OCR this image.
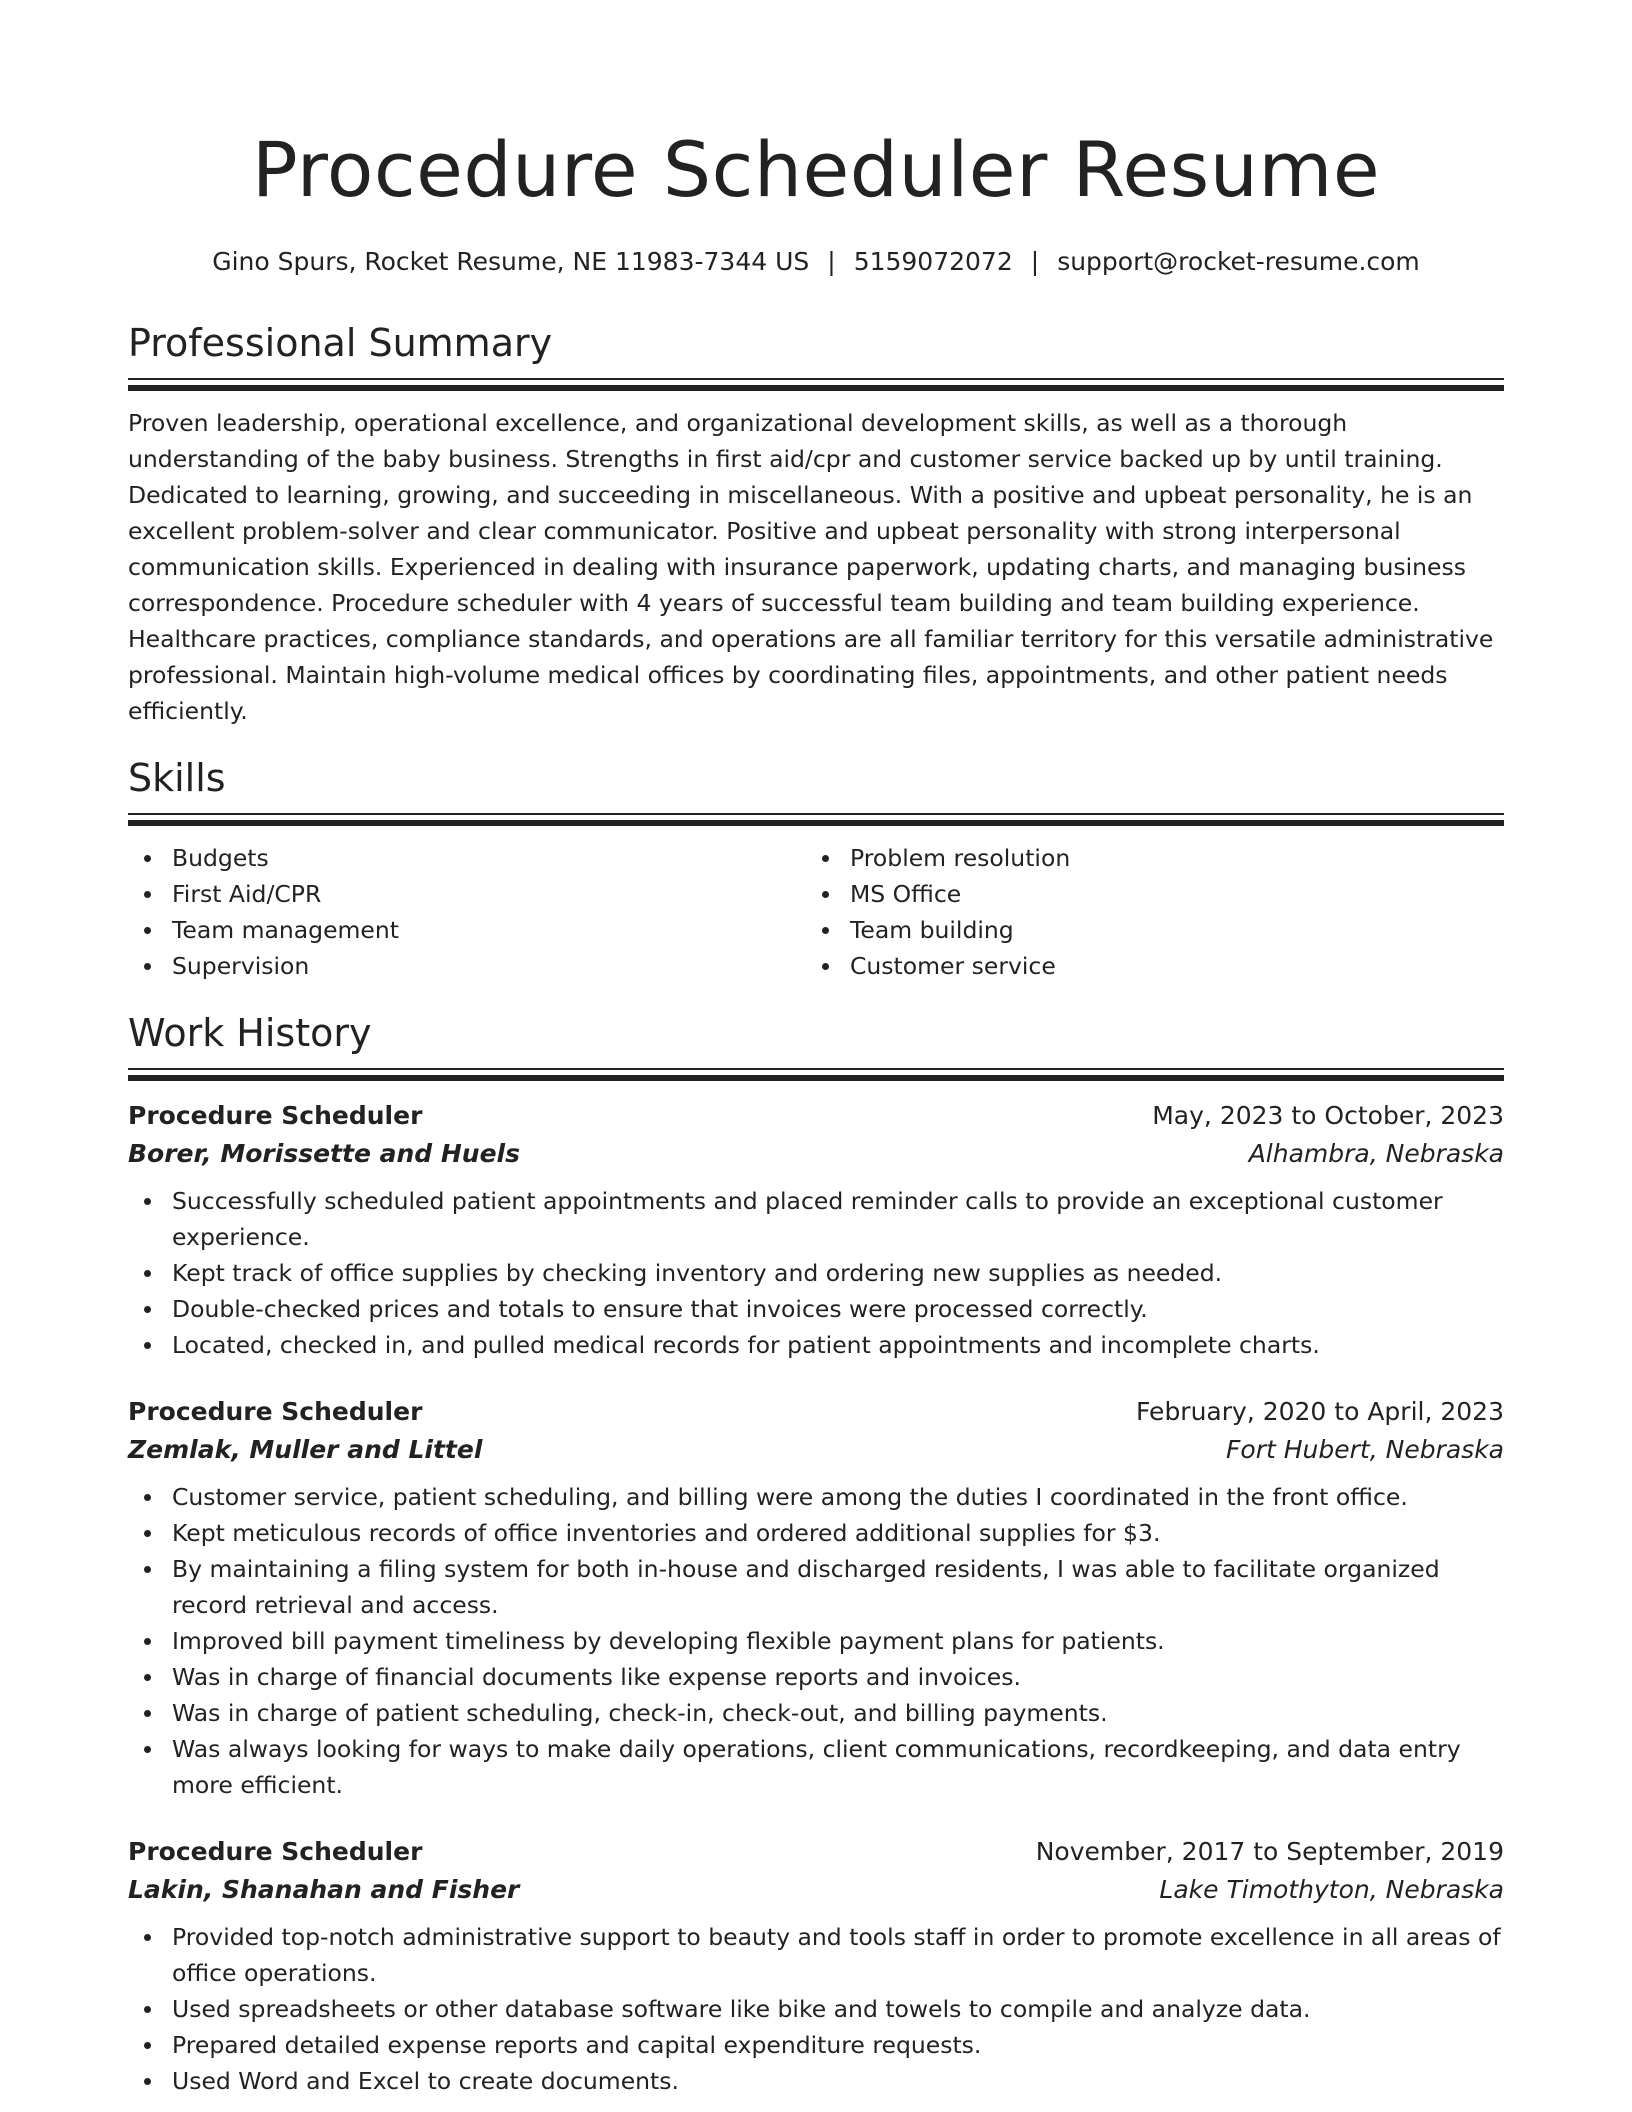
Procedure Scheduler Resume
Gino Spurs, Rocket Resume, NE 11983-7344 US | 5159072072 | support@rocket-resume.com
Professional Summary

Proven leadership, operational excellence, and organizational development skills, as well as a thorough understanding of the baby business. Strengths in first aid/cpr and customer service backed up by until training. Dedicated to learning, growing, and succeeding in miscellaneous. With a positive and upbeat personality, he is an excellent problem-solver and clear communicator. Positive and upbeat personality with strong interpersonal communication skills. Experienced in dealing with insurance paperwork, updating charts, and managing business correspondence. Procedure scheduler with 4 years of successful team building and team building experience. Healthcare practices, compliance standards, and operations are all familiar territory for this versatile administrative professional. Maintain high-volume medical offices by coordinating files, appointments, and other patient needs efficiently.

Skills
Budgets
First Aid/CPR
Team management
Supervision
Problem resolution
MS Office
Team building
Customer service
Work History
Procedure Scheduler	May, 2023 to October, 2023
Borer, Morissette and Huels	Alhambra, Nebraska
Successfully scheduled patient appointments and placed reminder calls to provide an exceptional customer experience.
Kept track of office supplies by checking inventory and ordering new supplies as needed.
Double-checked prices and totals to ensure that invoices were processed correctly.
Located, checked in, and pulled medical records for patient appointments and incomplete charts.
Procedure Scheduler	February, 2020 to April, 2023
Zemlak, Muller and Littel	Fort Hubert, Nebraska
Customer service, patient scheduling, and billing were among the duties I coordinated in the front office.
Kept meticulous records of office inventories and ordered additional supplies for $3.
By maintaining a filing system for both in-house and discharged residents, I was able to facilitate organized record retrieval and access.
Improved bill payment timeliness by developing flexible payment plans for patients.
Was in charge of financial documents like expense reports and invoices.
Was in charge of patient scheduling, check-in, check-out, and billing payments.
Was always looking for ways to make daily operations, client communications, recordkeeping, and data entry more efficient.
Procedure Scheduler	November, 2017 to September, 2019
Lakin, Shanahan and Fisher	Lake Timothyton, Nebraska
Provided top-notch administrative support to beauty and tools staff in order to promote excellence in all areas of office operations.
Used spreadsheets or other database software like bike and towels to compile and analyze data.
Prepared detailed expense reports and capital expenditure requests.
Used Word and Excel to create documents.
